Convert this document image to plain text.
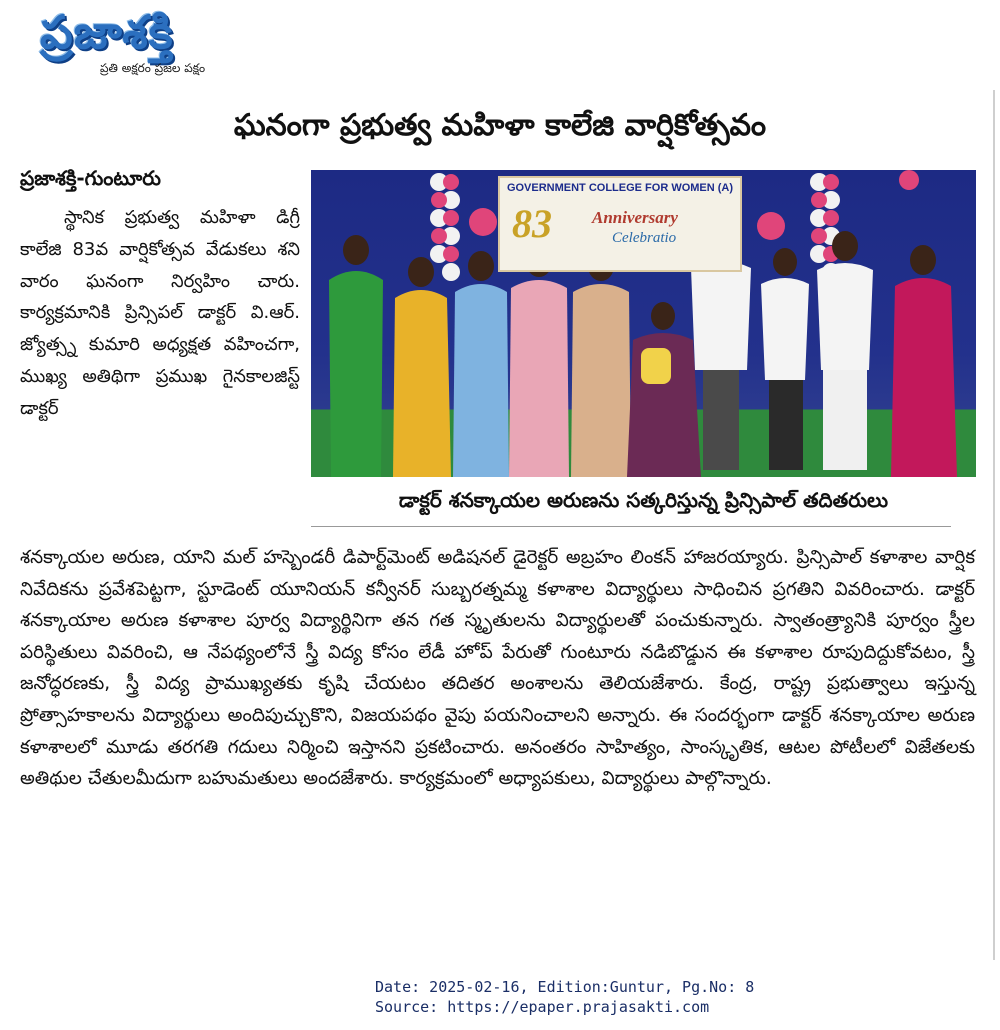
ప్రజాశక్తి
ప్రతి అక్షరం ప్రజల పక్షం
ఘనంగా ప్రభుత్వ మహిళా కాలేజి వార్షికోత్సవం
ప్రజాశక్తి-గుంటూరు

స్థానిక ప్రభుత్వ మహిళా డిగ్రీ కాలేజి 83వ వార్షికోత్సవ వేడుకలు శని వారం ఘనంగా నిర్వహిం చారు. కార్యక్రమానికి ప్రిన్సిపల్ డాక్టర్ వి.ఆర్. జ్యోత్స్న కుమారి అధ్యక్షత వహించగా, ముఖ్య అతిథిగా ప్రముఖ గైనకాలజిస్ట్ డాక్టర్

GOVERNMENT COLLEGE FOR WOMEN (A)
83 Anniversary
Celebratio
డాక్టర్ శనక్కాయల అరుణను సత్కరిస్తున్న ప్రిన్సిపాల్ తదితరులు

శనక్కాయల అరుణ, యాని మల్ హస్బెండరీ డిపార్ట్‌మెంట్ అడిషనల్ డైరెక్టర్ అబ్రహం లింకన్ హాజరయ్యారు. ప్రిన్సిపాల్ కళాశాల వార్షిక నివేదికను ప్రవేశపెట్టగా, స్టూడెంట్ యూనియన్ కన్వీనర్ సుబ్బరత్నమ్మ కళాశాల విద్యార్థులు సాధించిన ప్రగతిని వివరించారు. డాక్టర్ శనక్కాయాల అరుణ కళాశాల పూర్వ విద్యార్థినిగా తన గత స్మృతులను విద్యార్థులతో పంచుకున్నారు. స్వాతంత్ర్యానికి పూర్వం స్త్రీల పరిస్థితులు వివరించి, ఆ నేపథ్యంలోనే స్త్రీ విద్య కోసం లేడీ హోప్ పేరుతో గుంటూరు నడిబొడ్డున ఈ కళాశాల రూపుదిద్దుకోవటం, స్త్రీ జనోద్ధరణకు, స్త్రీ విద్య ప్రాముఖ్యతకు కృషి చేయటం తదితర అంశాలను తెలియజేశారు. కేంద్ర, రాష్ట్ర ప్రభుత్వాలు ఇస్తున్న ప్రోత్సాహకాలను విద్యార్థులు అందిపుచ్చుకొని, విజయపథం వైపు పయనించాలని అన్నారు. ఈ సందర్భంగా డాక్టర్ శనక్కాయాల అరుణ కళాశాలలో మూడు తరగతి గదులు నిర్మించి ఇస్తానని ప్రకటించారు. అనంతరం సాహిత్యం, సాంస్కృతిక, ఆటల పోటీలలో విజేతలకు అతిథుల చేతులమీదుగా బహుమతులు అందజేశారు. కార్యక్రమంలో అధ్యాపకులు, విద్యార్థులు పాల్గొన్నారు.

Date: 2025-02-16, Edition:Guntur, Pg.No: 8
Source: https://epaper.prajasakti.com
